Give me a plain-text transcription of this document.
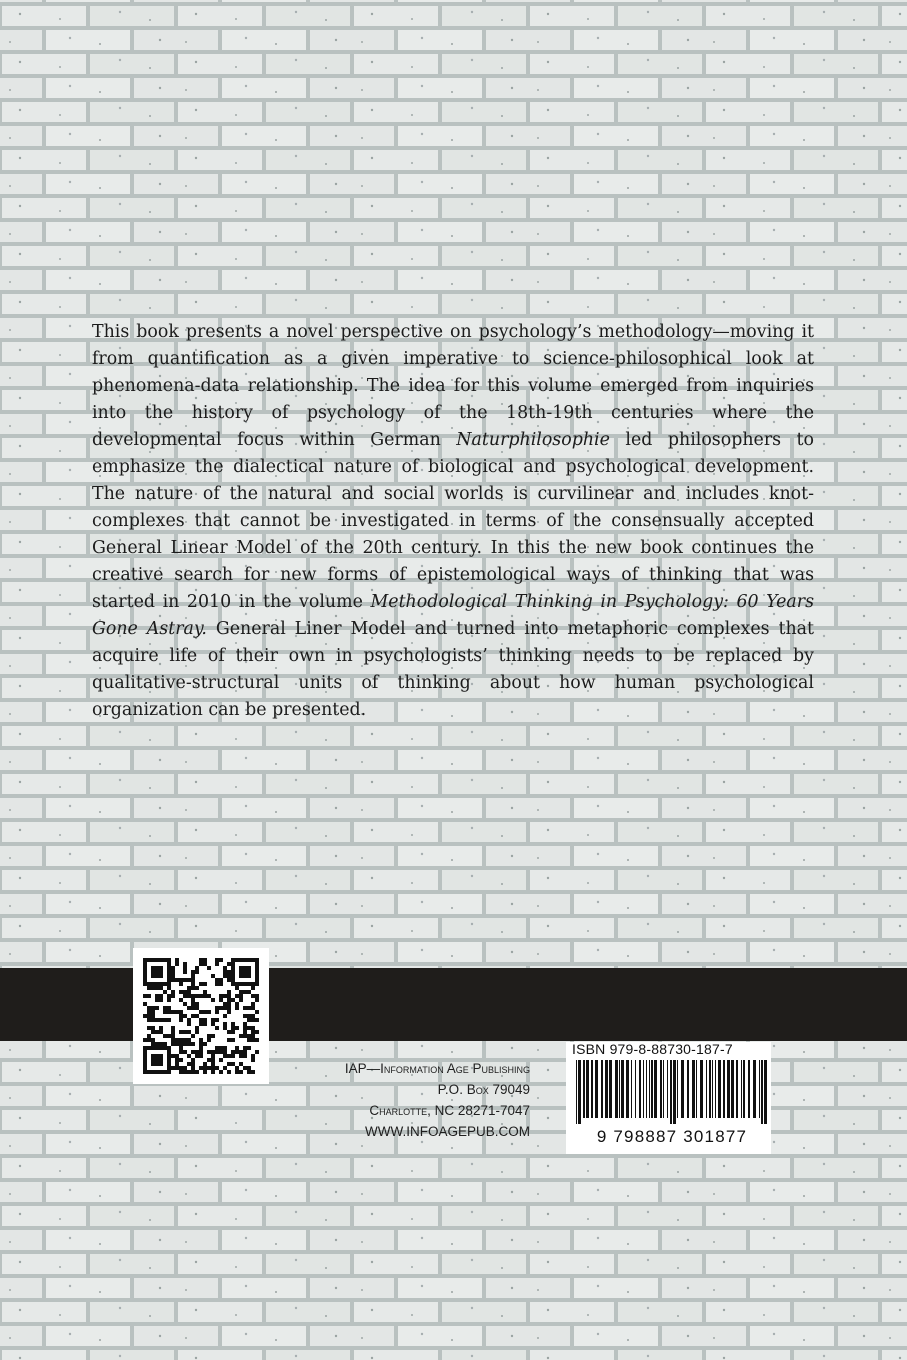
This book presents a novel perspective on psychology’s methodology—moving it from quantification as a given imperative to science-philosophical look at phenomena-data relationship. The idea for this volume emerged from inquiries into the history of psychology of the 18th-19th centuries where the developmental focus within German Naturphilosophie led philosophers to emphasize the dialectical nature of biological and psychological development. The nature of the natural and social worlds is curvilinear and includes knot-complexes that cannot be investigated in terms of the consensually accepted General Linear Model of the 20th century. In this the new book continues the creative search for new forms of epistemological ways of thinking that was started in 2010 in the volume Methodological Thinking in Psychology: 60 Years Gone Astray. General Liner Model and turned into metaphoric complexes that acquire life of their own in psychologists’ thinking needs to be replaced by qualitative-structural units of thinking about how human psychological organization can be presented.
IAP—Information Age Publishing
P.O. Box 79049
Charlotte, NC 28271-7047
WWW.INFOAGEPUB.COM
ISBN 979-8-88730-187-7
9 798887 301877
